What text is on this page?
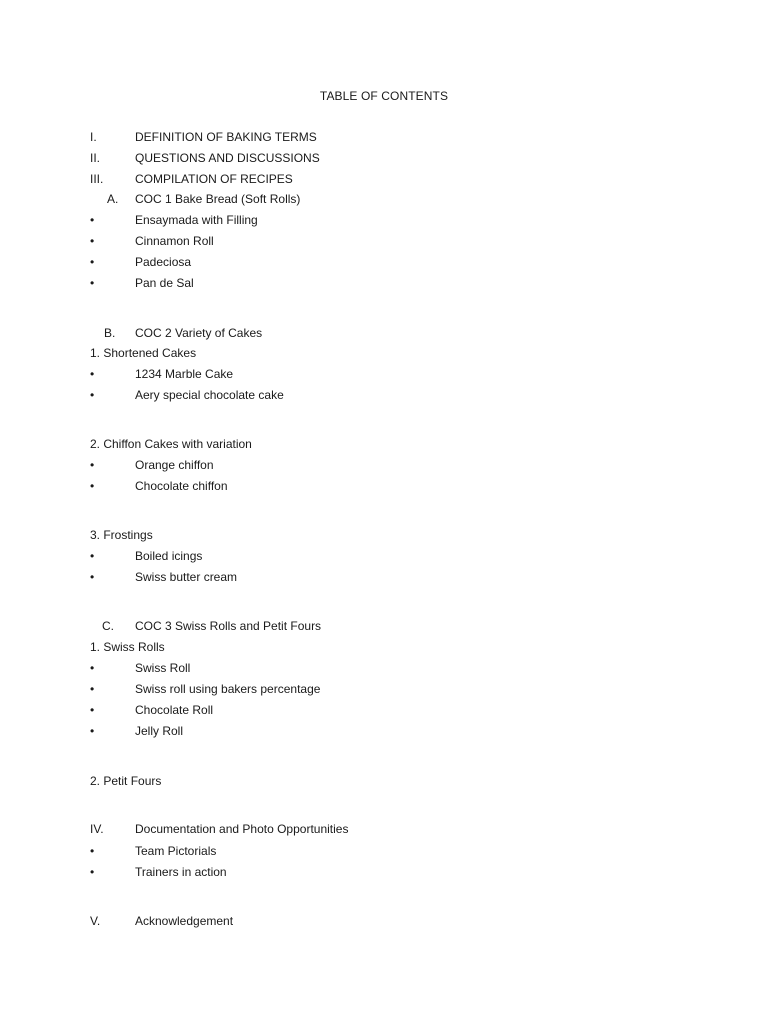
TABLE OF CONTENTS
I.	DEFINITION OF BAKING TERMS
II.	QUESTIONS AND DISCUSSIONS
III.	COMPILATION OF RECIPES
A. COC 1 Bake Bread (Soft Rolls)
•	Ensaymada with Filling
•	Cinnamon Roll
•	Padeciosa
•	Pan de Sal
B. COC 2 Variety of Cakes
1. Shortened Cakes
•	1234 Marble Cake
•	Aery special chocolate cake
2. Chiffon Cakes with variation
•	Orange chiffon
•	Chocolate chiffon
3. Frostings
•	Boiled icings
•	Swiss butter cream
C. COC 3 Swiss Rolls and Petit Fours
1. Swiss Rolls
•	Swiss Roll
•	Swiss roll using bakers percentage
•	Chocolate Roll
•	Jelly Roll
2. Petit Fours
IV.	Documentation and Photo Opportunities
•	Team Pictorials
•	Trainers in action
V.	Acknowledgement
